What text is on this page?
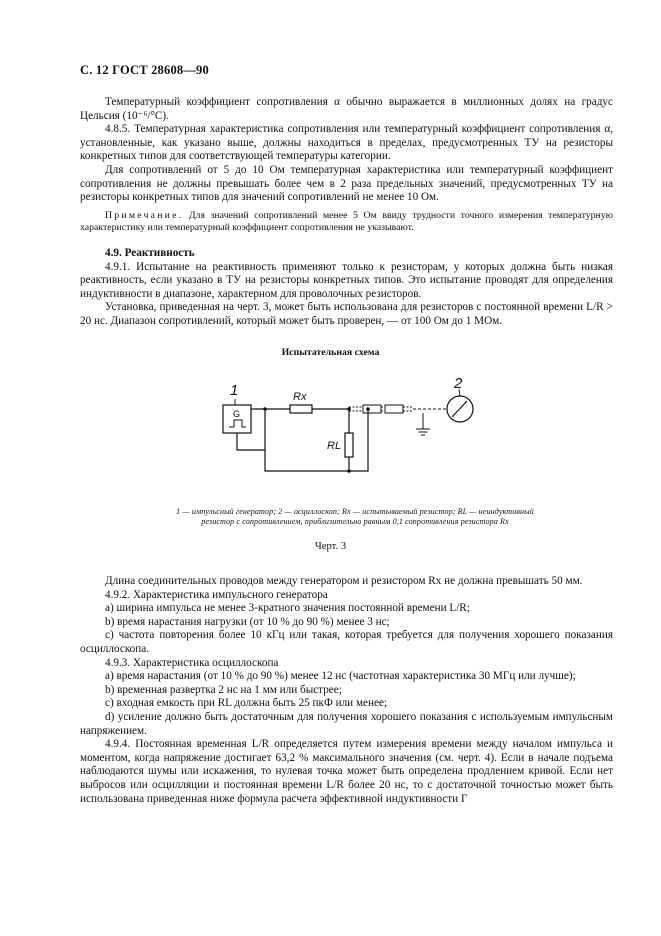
С. 12 ГОСТ 28608—90

Температурный коэффициент сопротивления α обычно выражается в миллионных долях на градус Цельсия (10⁻⁶/°С).

4.8.5. Температурная характеристика сопротивления или температурный коэффициент сопротивления α, установленные, как указано выше, должны находиться в пределах, предусмотренных ТУ на резисторы конкретных типов для соответствующей температуры категории.

Для сопротивлений от 5 до 10 Ом температурная характеристика или температурный коэффициент сопротивления не должны превышать более чем в 2 раза предельных значений, предусмотренных ТУ на резисторы конкретных типов для значений сопротивлений не менее 10 Ом.

Примечание. Для значений сопротивлений менее 5 Ом ввиду трудности точного измерения температурную характеристику или температурный коэффициент сопротивления не указывают.

4.9. Реактивность

4.9.1. Испытание на реактивность применяют только к резисторам, у которых должна быть низкая реактивность, если указано в ТУ на резисторы конкретных типов. Это испытание проводят для определения индуктивности в диапазоне, характерном для проволочных резисторов.

Установка, приведенная на черт. 3, может быть использована для резисторов с постоянной времени L/R > 20 нс. Диапазон сопротивлений, который может быть проверен, — от 100 Ом до 1 МОм.

Испытательная схема
1
G
Rx
RL
2
1 — импульсный генератор; 2 — осциллоскоп; Rx — испытываемый резистор; RL — неиндуктивный
резистор с сопротивлением, приблизительно равным 0,1 сопротивления резистора Rx
Черт. 3

Длина соединительных проводов между генератором и резистором Rx не должна превышать 50 мм.

4.9.2. Характеристика импульсного генератора

а) ширина импульса не менее 3-кратного значения постоянной времени L/R;

b) время нарастания нагрузки (от 10 % до 90 %) менее 3 нс;

с) частота повторения более 10 кГц или такая, которая требуется для получения хорошего показания осциллоскопа.

4.9.3. Характеристика осциллоскопа

а) время нарастания (от 10 % до 90 %) менее 12 нс (частотная характеристика 30 МГц или лучше);

b) временная развертка 2 нс на 1 мм или быстрее;

с) входная емкость при RL должна быть 25 пкФ или менее;

d) усиление должно быть достаточным для получения хорошего показания с используемым импульсным напряжением.

4.9.4. Постоянная временная L/R определяется путем измерения времени между началом импульса и моментом, когда напряжение достигает 63,2 % максимального значения (см. черт. 4). Если в начале подъема наблюдаются шумы или искажения, то нулевая точка может быть определена продлением кривой. Если нет выбросов или осцилляции и постоянная времени L/R более 20 нс, то с достаточной точностью может быть использована приведенная ниже формула расчета эффективной индуктивности Г
